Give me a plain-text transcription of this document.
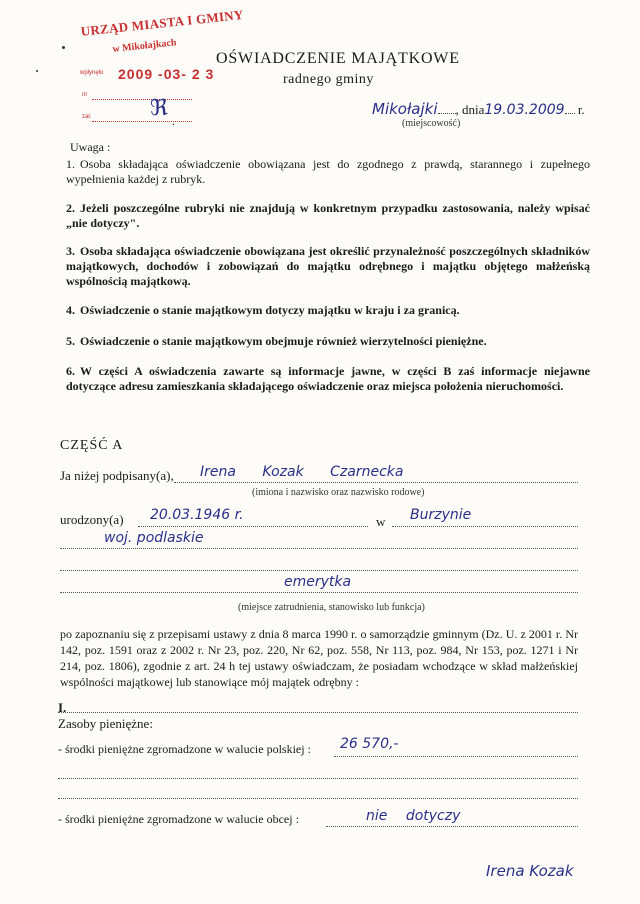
URZĄD MIASTA I GMINY
w Mikołajkach
wpłynęło 2009 -03- 2 3
nr
zał.	ℜ .
OŚWIADCZENIE MAJĄTKOWE
radnego gminy
Mikołajki , dnia19.03.2009 r.
(miejscowość)
Uwaga :
1. Osoba składająca oświadczenie obowiązana jest do zgodnego z prawdą, starannego i zupełnego wypełnienia każdej z rubryk.
2. Jeżeli poszczególne rubryki nie znajdują w konkretnym przypadku zastosowania, należy wpisać „nie dotyczy".
3. Osoba składająca oświadczenie obowiązana jest określić przynależność poszczególnych składników majątkowych, dochodów i zobowiązań do majątku odrębnego i majątku objętego małżeńską wspólnością majątkową.
4. Oświadczenie o stanie majątkowym dotyczy majątku w kraju i za granicą.
5. Oświadczenie o stanie majątkowym obejmuje również wierzytelności pieniężne.
6. W części A oświadczenia zawarte są informacje jawne, w części B zaś informacje niejawne dotyczące adresu zamieszkania składającego oświadczenie oraz miejsca położenia nieruchomości.
CZĘŚĆ A
Ja niżej podpisany(a), Irena Kozak Czarnecka
(imiona i nazwisko oraz nazwisko rodowe)
urodzony(a) 20.03.1946 r.	w Burzynie
woj. podlaskie
emerytka
(miejsce zatrudnienia, stanowisko lub funkcja)
po zapoznaniu się z przepisami ustawy z dnia 8 marca 1990 r. o samorządzie gminnym (Dz. U. z 2001 r. Nr 142, poz. 1591 oraz z 2002 r. Nr 23, poz. 220, Nr 62, poz. 558, Nr 113, poz. 984, Nr 153, poz. 1271 i Nr 214, poz. 1806), zgodnie z art. 24 h tej ustawy oświadczam, że posiadam wchodzące w skład małżeńskiej wspólności majątkowej lub stanowiące mój majątek odrębny :
I.
Zasoby pieniężne:
- środki pieniężne zgromadzone w walucie polskiej : 26 570,-
- środki pieniężne zgromadzone w walucie obcej :	nie dotyczy
Irena Kozak
